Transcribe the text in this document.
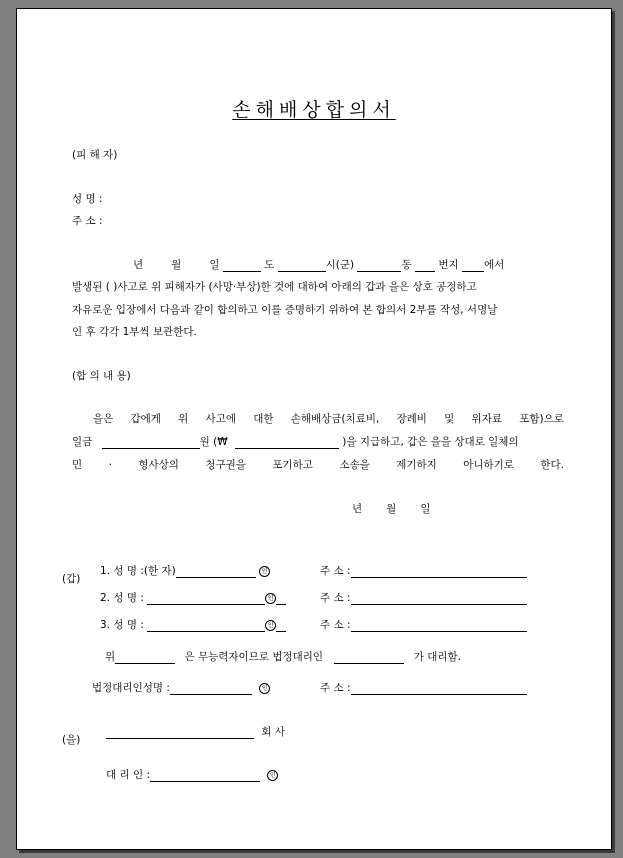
손해배상합의서
(피 해 자)
성 명 :
주 소 :
년	월	일	도	시(군)	동	번지 에서
발생된 ( )사고로 위 피해자가 (사망·부상)한 것에 대하여 아래의 갑과 을은 상호 공정하고
자유로운 입장에서 다음과 같이 합의하고 이를 증명하기 위하여 본 합의서 2부를 작성, 서명날
인 후 각각 1부씩 보관한다.
(합 의 내 용)
을은 갑에게 위 사고에 대한 손해배상금(치료비, 장례비 및 위자료 포함)으로
일금	원 (₩	)을 지급하고, 갑은 을을 상대로 일체의
민	·	형사상의	청구권을	포기하고	소송을	제기하지	아니하기로	한다.
년 월 일
(갑)
1. 성 명 :(한 자)	인	주 소 :
2. 성 명 :	인	주 소 :
3. 성 명 :	인	주 소 :
위	은 무능력자이므로 법정대리인	가 대리함.
법정대리인성명 :	인	주 소 :
(을)
회 사
대 리 인 :	인
